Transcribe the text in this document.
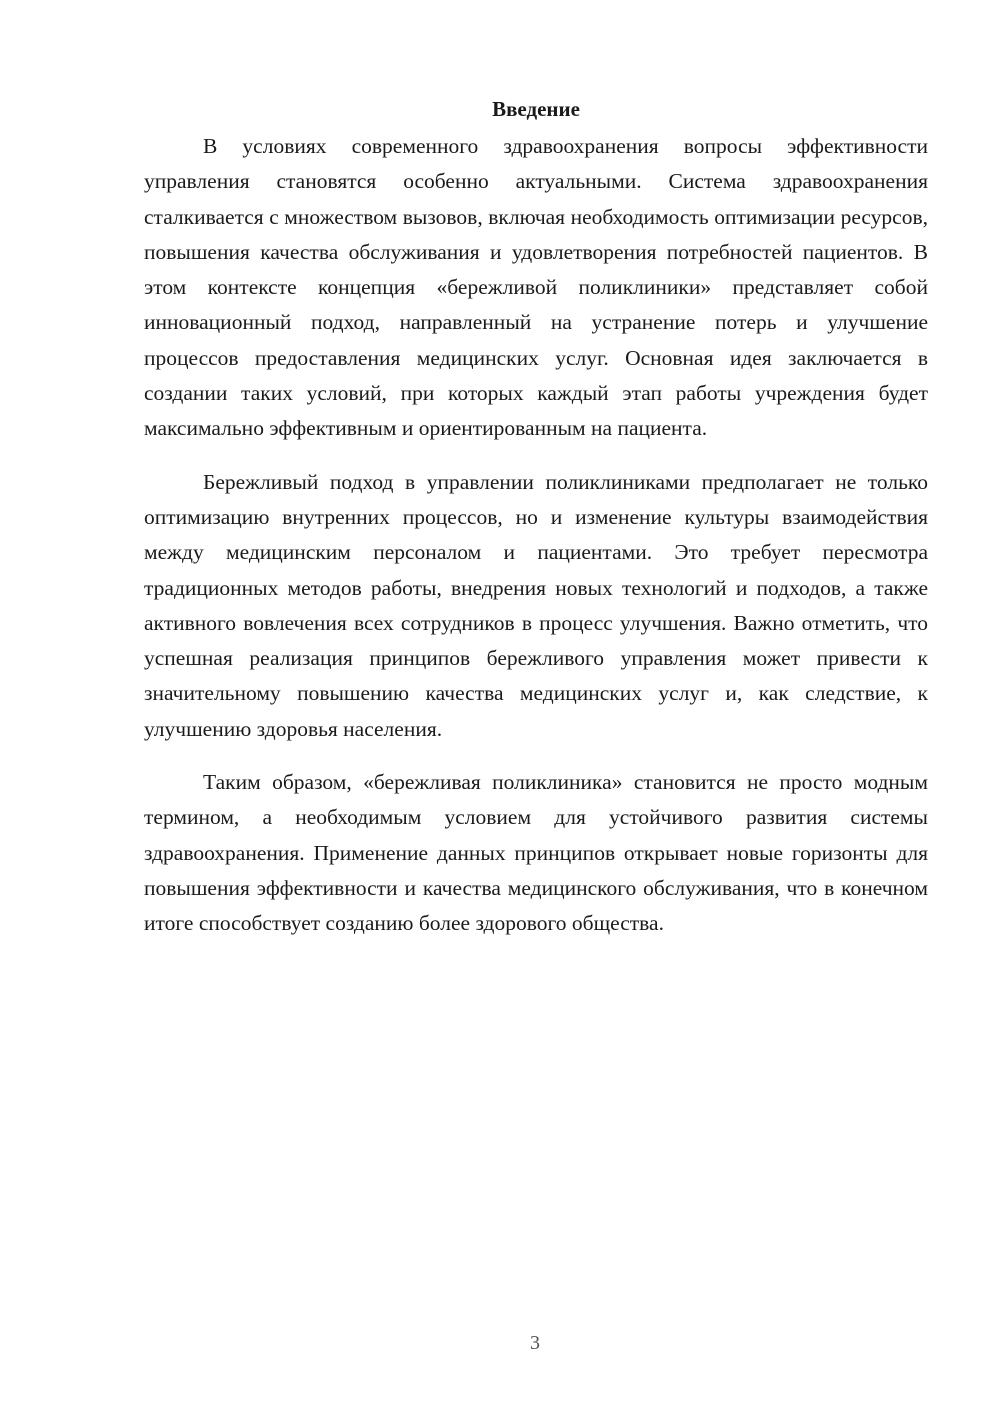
Введение

В условиях современного здравоохранения вопросы эффективности управления становятся особенно актуальными. Система здравоохранения сталкивается с множеством вызовов, включая необходимость оптимизации ресурсов, повышения качества обслуживания и удовлетворения потребностей пациентов. В этом контексте концепция «бережливой поликлиники» представляет собой инновационный подход, направленный на устранение потерь и улучшение процессов предоставления медицинских услуг. Основная идея заключается в создании таких условий, при которых каждый этап работы учреждения будет максимально эффективным и ориентированным на пациента.

Бережливый подход в управлении поликлиниками предполагает не только оптимизацию внутренних процессов, но и изменение культуры взаимодействия между медицинским персоналом и пациентами. Это требует пересмотра традиционных методов работы, внедрения новых технологий и подходов, а также активного вовлечения всех сотрудников в процесс улучшения. Важно отметить, что успешная реализация принципов бережливого управления может привести к значительному повышению качества медицинских услуг и, как следствие, к улучшению здоровья населения.

Таким образом, «бережливая поликлиника» становится не просто модным термином, а необходимым условием для устойчивого развития системы здравоохранения. Применение данных принципов открывает новые горизонты для повышения эффективности и качества медицинского обслуживания, что в конечном итоге способствует созданию более здорового общества.

3
